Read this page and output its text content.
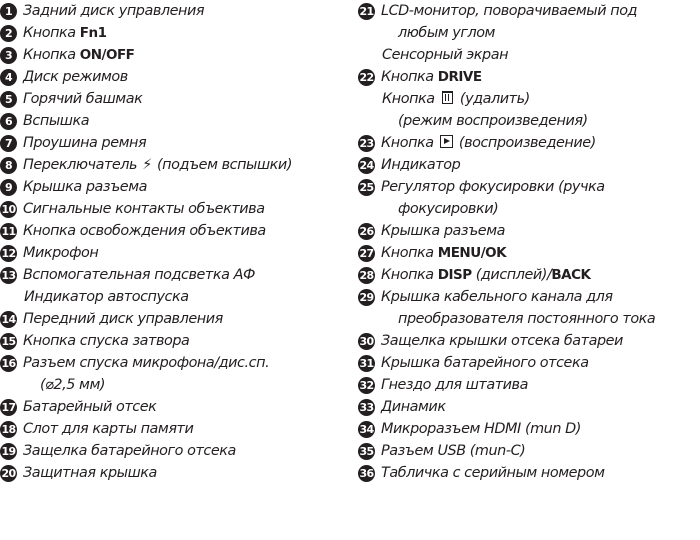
1 Задний диск управления
2 Кнопка Fn1
3 Кнопка ON/OFF
4 Диск режимов
5 Горячий башмак
6 Вспышка
7 Проушина ремня
8 Переключатель ⚡ (подъем вспышки)
9 Крышка разъема
10 Сигнальные контакты объектива
11 Кнопка освобождения объектива
12 Микрофон
13 Вспомогательная подсветка АФ
Индикатор автоспуска
14 Передний диск управления
15 Кнопка спуска затвора
16 Разъем спуска микрофона/дис.сп.
(⌀2,5 мм)
17 Батарейный отсек
18 Слот для карты памяти
19 Защелка батарейного отсека
20 Защитная крышка
21 LCD-монитор, поворачиваемый под
любым углом
Сенсорный экран
22 Кнопка DRIVE
Кнопка  (удалить)
(режим воспроизведения)
23 Кнопка  (воспроизведение)
24 Индикатор
25 Регулятор фокусировки (ручка
фокусировки)
26 Крышка разъема
27 Кнопка MENU/OK
28 Кнопка DISP (дисплей)/BACK
29 Крышка кабельного канала для
преобразователя постоянного тока
30 Защелка крышки отсека батареи
31 Крышка батарейного отсека
32 Гнездо для штатива
33 Динамик
34 Микроразъем HDMI (mun D)
35 Разъем USB (mun-C)
36 Табличка с серийным номером
